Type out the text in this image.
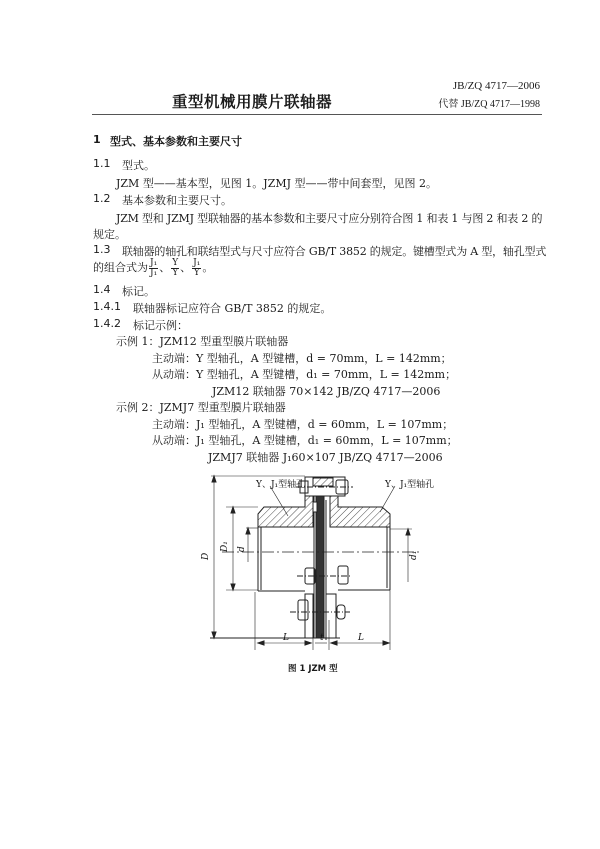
JB/ZQ 4717—2006
代替 JB/ZQ 4717—1998
重型机械用膜片联轴器
1 型式、基本参数和主要尺寸
1.1 型式。
JZM 型——基本型，见图 1。JZMJ 型——带中间套型，见图 2。
1.2 基本参数和主要尺寸。
JZM 型和 JZMJ 型联轴器的基本参数和主要尺寸应分别符合图 1 和表 1 与图 2 和表 2 的
规定。
1.3 联轴器的轴孔和联结型式与尺寸应符合 GB/T 3852 的规定。键槽型式为 A 型，轴孔型式
的组合式为 $\frac{\text{J₁}}{\text{J₁}}$ 、 $\frac{Y}{Y}$ 、 $\frac{\text{J₁}}{Y}$ 。
1.4 标记。
1.4.1 联轴器标记应符合 GB/T 3852 的规定。
1.4.2 标记示例：
示例 1：JZM12 型重型膜片联轴器
主动端：Y 型轴孔，A 型键槽，d = 70mm，L = 142mm；
从动端：Y 型轴孔，A 型键槽，d₁ = 70mm，L = 142mm；
JZM12 联轴器 70×142 JB/ZQ 4717—2006
示例 2：JZMJ7 型重型膜片联轴器
主动端：J₁ 型轴孔，A 型键槽，d = 60mm，L = 107mm；
从动端：J₁ 型轴孔，A 型键槽，d₁ = 60mm，L = 107mm；
JZMJ7 联轴器 J₁60×107 JB/ZQ 4717—2006
Y、J₁型轴孔	Y、J₁型轴孔
D
D₁ d
d₁
L	t	L
图 1 JZM 型
